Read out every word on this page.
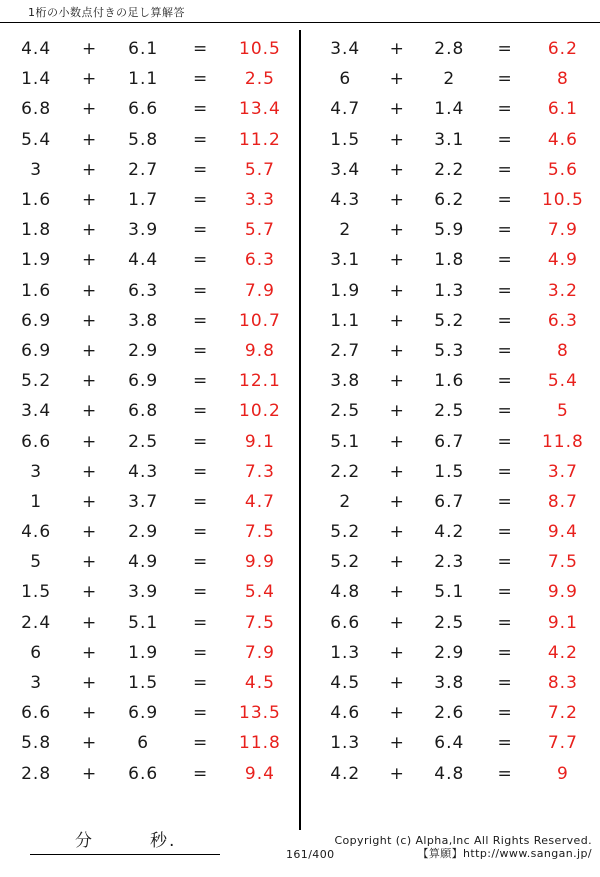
1桁の小数点付きの足し算解答
4.4	+	6.1	=	10.5
1.4	+	1.1	=	2.5
6.8	+	6.6	=	13.4
5.4	+	5.8	=	11.2
3	+	2.7	=	5.7
1.6	+	1.7	=	3.3
1.8	+	3.9	=	5.7
1.9	+	4.4	=	6.3
1.6	+	6.3	=	7.9
6.9	+	3.8	=	10.7
6.9	+	2.9	=	9.8
5.2	+	6.9	=	12.1
3.4	+	6.8	=	10.2
6.6	+	2.5	=	9.1
3	+	4.3	=	7.3
1	+	3.7	=	4.7
4.6	+	2.9	=	7.5
5	+	4.9	=	9.9
1.5	+	3.9	=	5.4
2.4	+	5.1	=	7.5
6	+	1.9	=	7.9
3	+	1.5	=	4.5
6.6	+	6.9	=	13.5
5.8	+	6	=	11.8
2.8	+	6.6	=	9.4
3.4	+	2.8	=	6.2
6	+	2	=	8
4.7	+	1.4	=	6.1
1.5	+	3.1	=	4.6
3.4	+	2.2	=	5.6
4.3	+	6.2	=	10.5
2	+	5.9	=	7.9
3.1	+	1.8	=	4.9
1.9	+	1.3	=	3.2
1.1	+	5.2	=	6.3
2.7	+	5.3	=	8
3.8	+	1.6	=	5.4
2.5	+	2.5	=	5
5.1	+	6.7	=	11.8
2.2	+	1.5	=	3.7
2	+	6.7	=	8.7
5.2	+	4.2	=	9.4
5.2	+	2.3	=	7.5
4.8	+	5.1	=	9.9
6.6	+	2.5	=	9.1
1.3	+	2.9	=	4.2
4.5	+	3.8	=	8.3
4.6	+	2.6	=	7.2
1.3	+	6.4	=	7.7
4.2	+	4.8	=	9
分	秒.
161/400
Copyright (c) Alpha,Inc All Rights Reserved.
【算願】http://www.sangan.jp/
